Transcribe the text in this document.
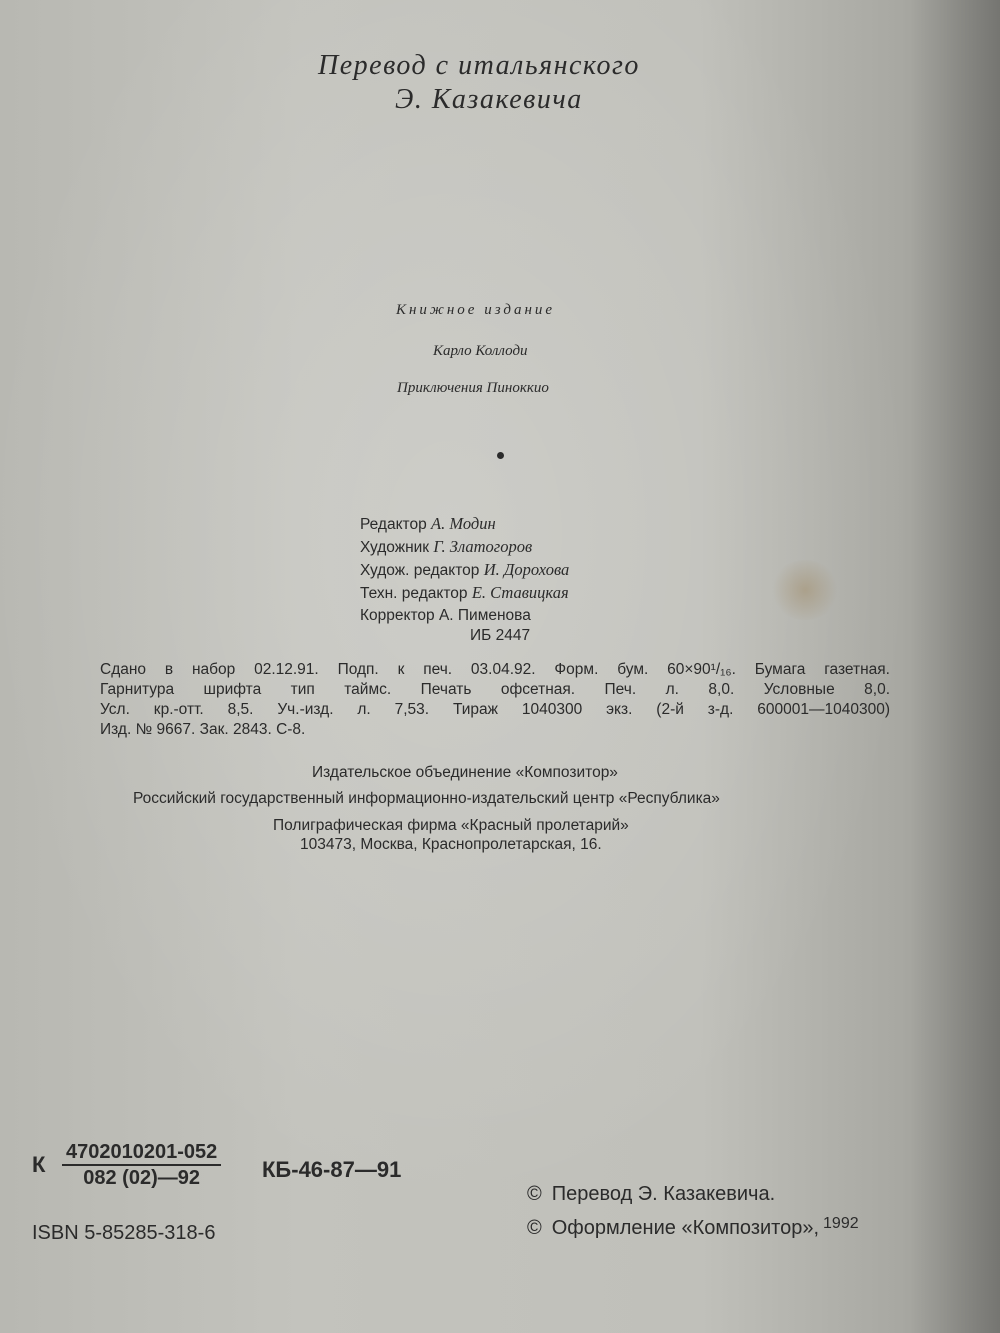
Перевод с итальянского
Э. Казакевича
Книжное издание
Карло Коллоди
Приключения Пиноккио
Редактор А. Модин
Художник Г. Златогоров
Худож. редактор И. Дорохова
Техн. редактор Е. Ставицкая
Корректор А. Пименова
ИБ 2447
Сдано в набор 02.12.91. Подп. к печ. 03.04.92. Форм. бум. 60×90¹/₁₆. Бумага газетная.
Гарнитура шрифта тип таймс. Печать офсетная. Печ. л. 8,0. Условные 8,0.
Усл. кр.-отт. 8,5. Уч.-изд. л. 7,53. Тираж 1040300 экз. (2-й з-д. 600001—1040300)
Изд. № 9667. Зак. 2843. С-8.
Издательское объединение «Композитор»
Российский государственный информационно-издательский центр «Республика»
Полиграфическая фирма «Красный пролетарий»
103473, Москва, Краснопролетарская, 16.
К $\frac{4702010201-052}{082 (02)—92}$ КБ-46-87—91
ISBN 5-85285-318-6
© Перевод Э. Казакевича.
© Оформление «Композитор», $^{1992}$
